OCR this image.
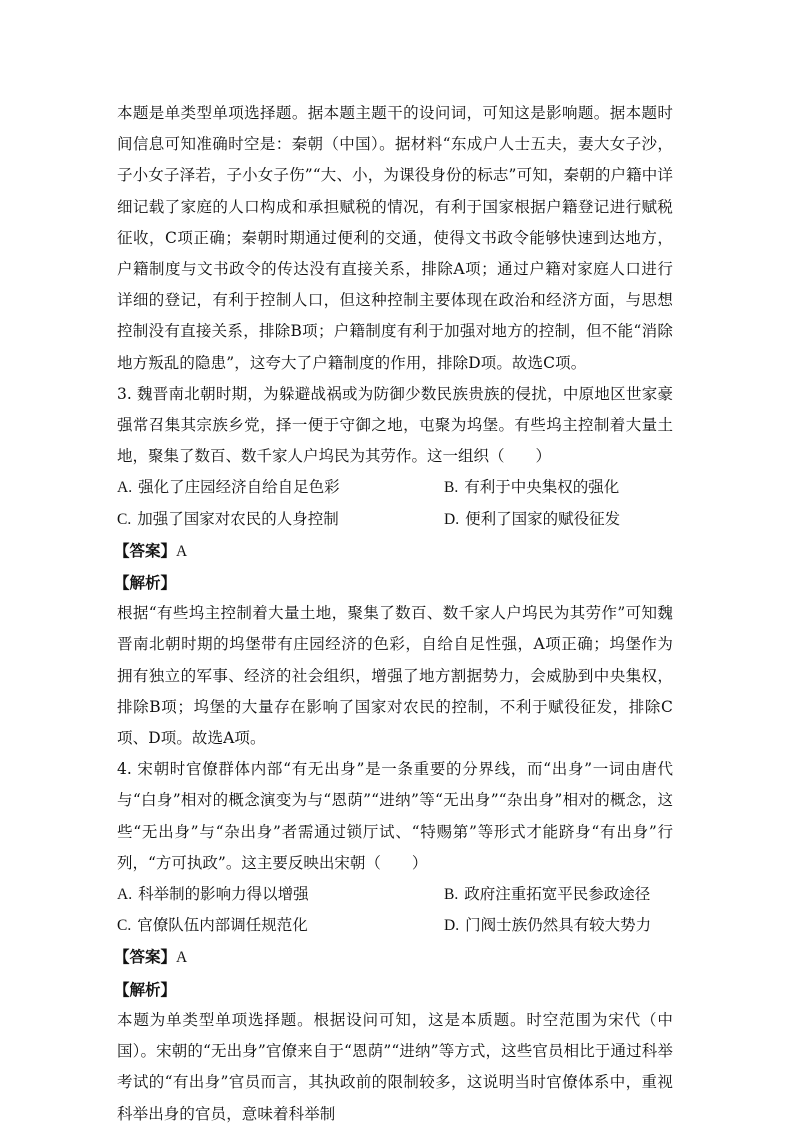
本题是单类型单项选择题。据本题主题干的设问词，可知这是影响题。据本题时间信息可知准确时空是：秦朝（中国）。据材料“东成户人士五夫，妻大女子沙，子小女子泽若，子小女子伤”“大、小，为课役身份的标志”可知，秦朝的户籍中详细记载了家庭的人口构成和承担赋税的情况，有利于国家根据户籍登记进行赋税征收，C项正确；秦朝时期通过便利的交通，使得文书政令能够快速到达地方，户籍制度与文书政令的传达没有直接关系，排除A项；通过户籍对家庭人口进行详细的登记，有利于控制人口，但这种控制主要体现在政治和经济方面，与思想控制没有直接关系，排除B项；户籍制度有利于加强对地方的控制，但不能“消除地方叛乱的隐患”，这夸大了户籍制度的作用，排除D项。故选C项。

3. 魏晋南北朝时期，为躲避战祸或为防御少数民族贵族的侵扰，中原地区世家豪强常召集其宗族乡党，择一便于守御之地，屯聚为坞堡。有些坞主控制着大量土地，聚集了数百、数千家人户坞民为其劳作。这一组织（　　）

A. 强化了庄园经济自给自足色彩	B. 有利于中央集权的强化
C. 加强了国家对农民的人身控制	D. 便利了国家的赋役征发
【答案】A
【解析】

根据“有些坞主控制着大量土地，聚集了数百、数千家人户坞民为其劳作”可知魏晋南北朝时期的坞堡带有庄园经济的色彩，自给自足性强，A项正确；坞堡作为拥有独立的军事、经济的社会组织，增强了地方割据势力，会威胁到中央集权，排除B项；坞堡的大量存在影响了国家对农民的控制，不利于赋役征发，排除C项、D项。故选A项。

4. 宋朝时官僚群体内部“有无出身”是一条重要的分界线，而“出身”一词由唐代与“白身”相对的概念演变为与“恩荫”“进纳”等“无出身”“杂出身”相对的概念，这些“无出身”与“杂出身”者需通过锁厅试、“特赐第”等形式才能跻身“有出身”行列，“方可执政”。这主要反映出宋朝（　　）

A. 科举制的影响力得以增强	B. 政府注重拓宽平民参政途径
C. 官僚队伍内部调任规范化	D. 门阀士族仍然具有较大势力
【答案】A
【解析】

本题为单类型单项选择题。根据设问可知，这是本质题。时空范围为宋代（中国）。宋朝的“无出身”官僚来自于“恩荫”“进纳”等方式，这些官员相比于通过科举考试的“有出身”官员而言，其执政前的限制较多，这说明当时官僚体系中，重视科举出身的官员，意味着科举制
